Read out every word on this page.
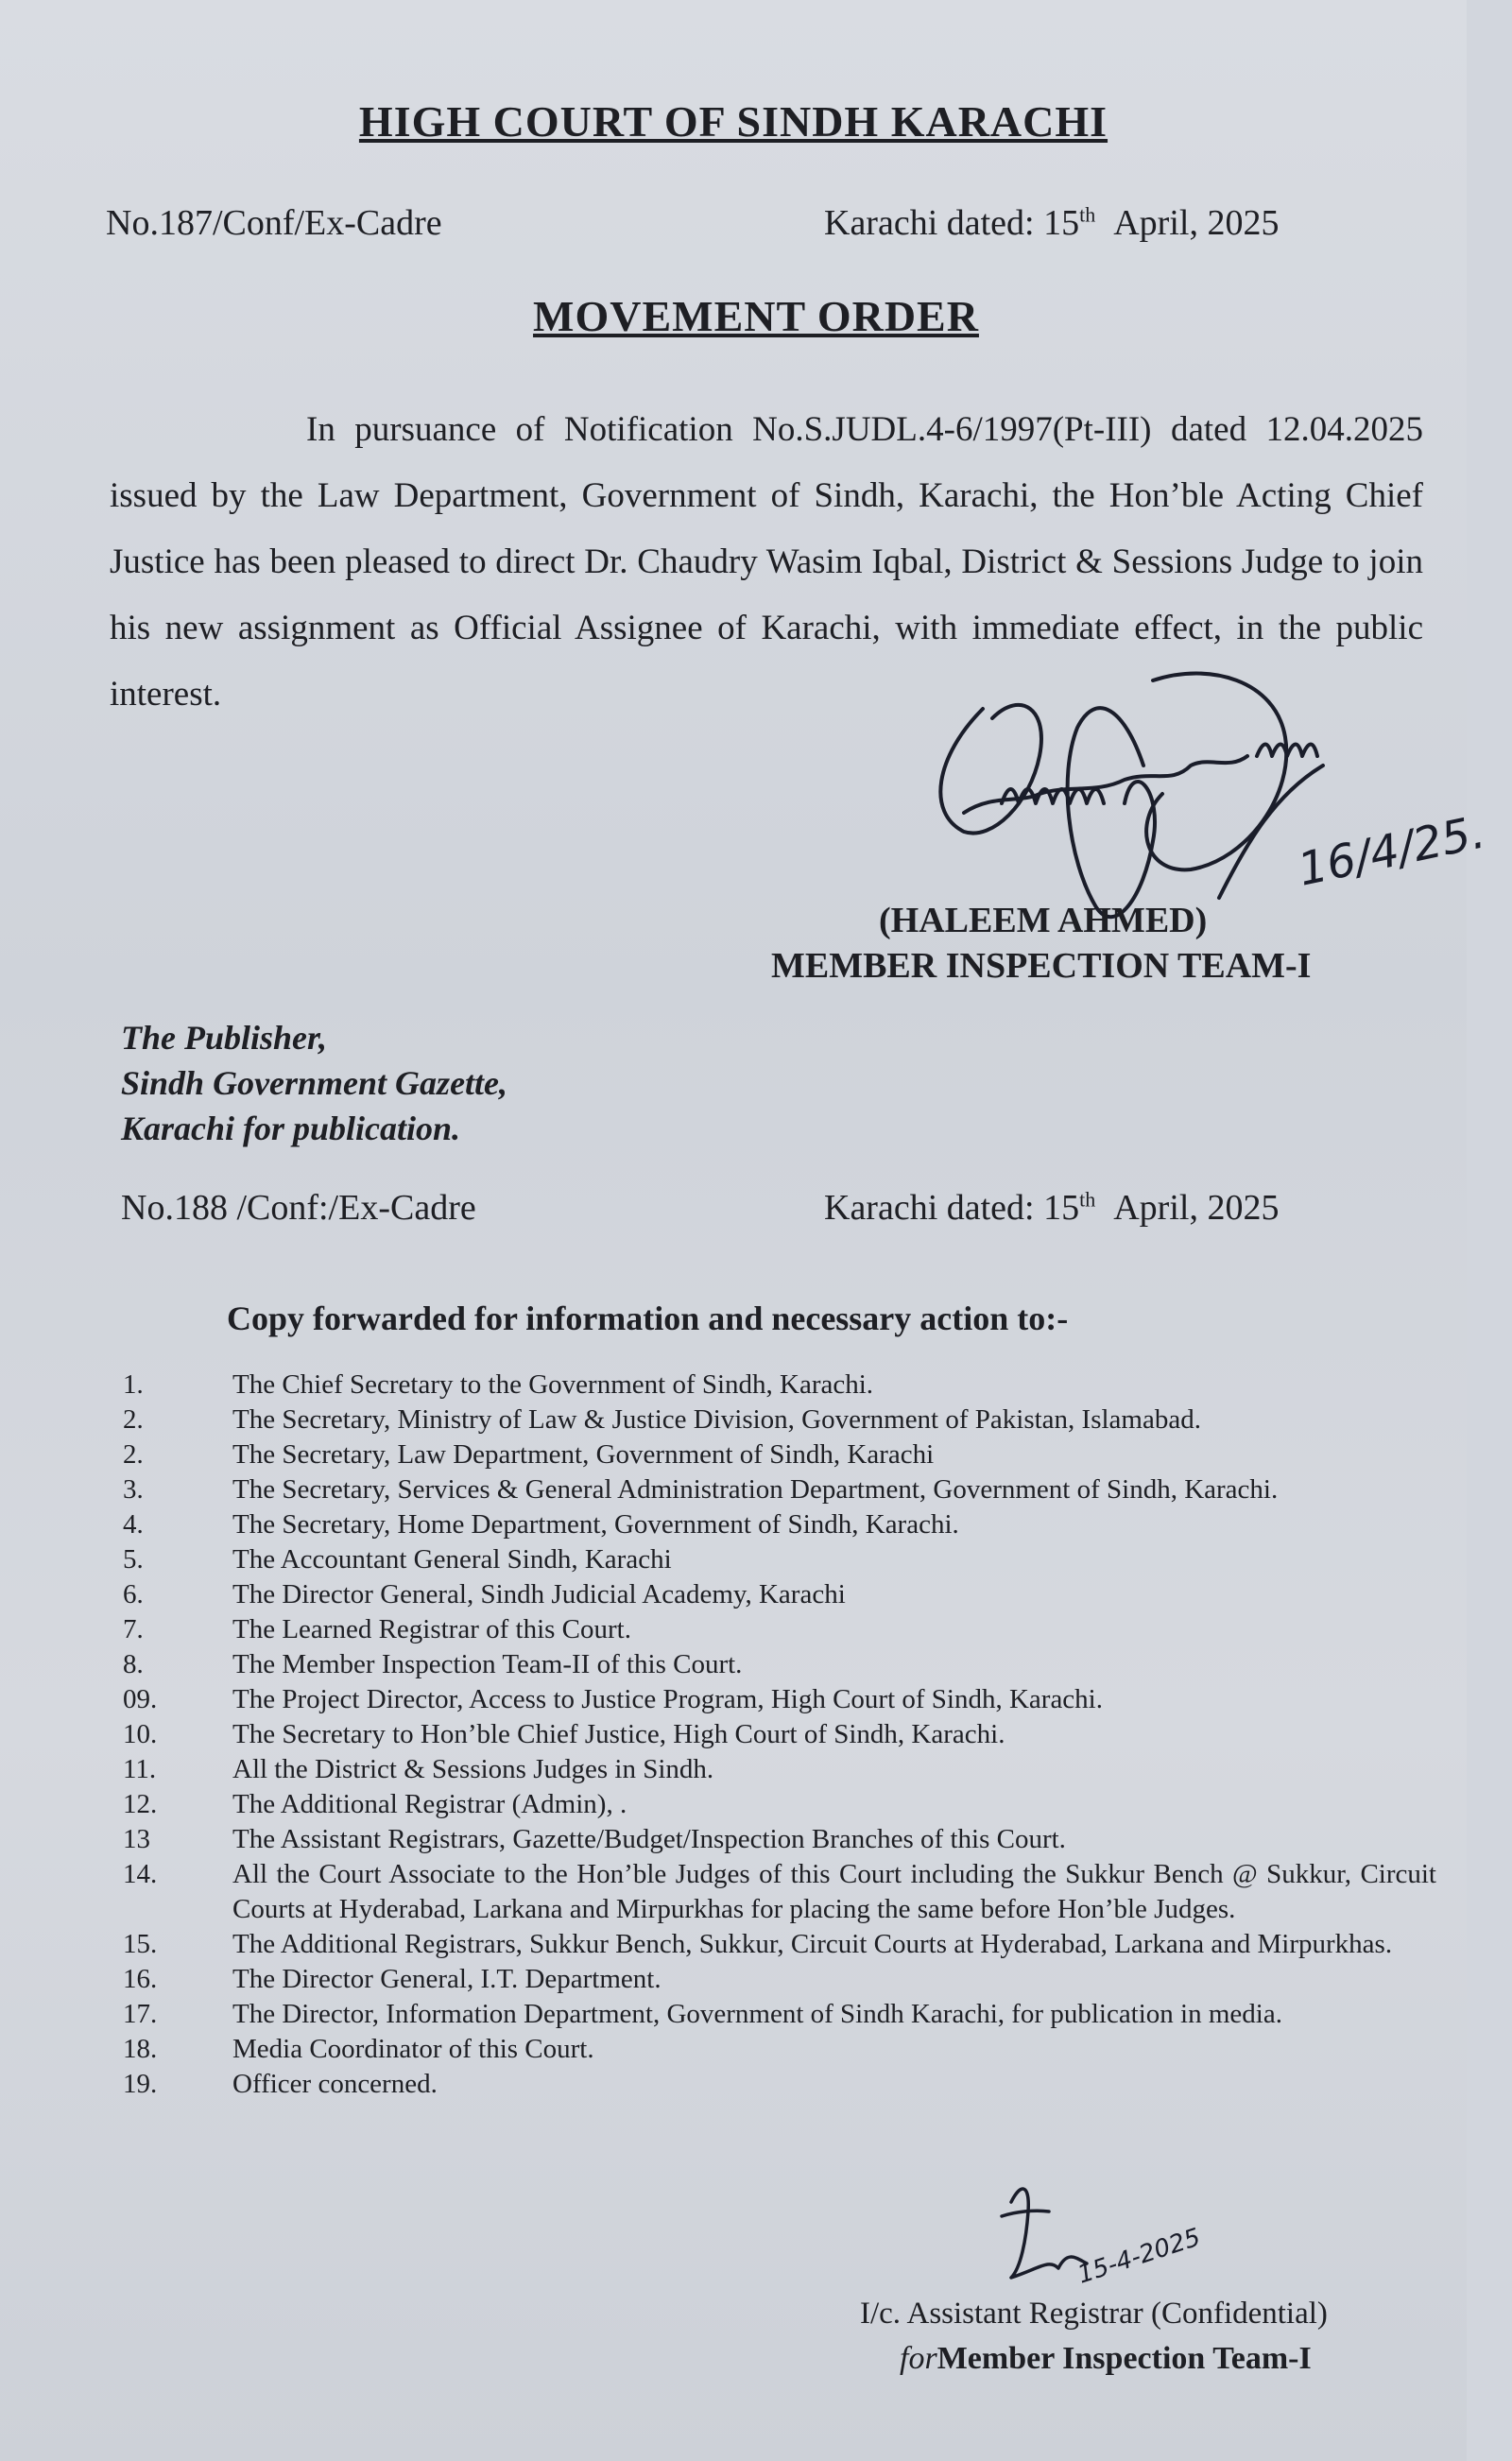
HIGH COURT OF SINDH KARACHI
No.187/Conf/Ex-Cadre	Karachi dated: 15th April, 2025
MOVEMENT ORDER
In pursuance of Notification No.S.JUDL.4-6/1997(Pt-III) dated 12.04.2025 issued by the Law Department, Government of Sindh, Karachi, the Hon’ble Acting Chief Justice has been pleased to direct Dr. Chaudry Wasim Iqbal, District & Sessions Judge to join his new assignment as Official Assignee of Karachi, with immediate effect, in the public interest.
16/4/25.
(HALEEM AHMED)
MEMBER INSPECTION TEAM-I
The Publisher,
Sindh Government Gazette,
Karachi for publication.
No.188 /Conf:/Ex-Cadre	Karachi dated: 15th April, 2025
Copy forwarded for information and necessary action to:-
1.	The Chief Secretary to the Government of Sindh, Karachi.
2.	The Secretary, Ministry of Law & Justice Division, Government of Pakistan, Islamabad.
2.	The Secretary, Law Department, Government of Sindh, Karachi
3.	The Secretary, Services & General Administration Department, Government of Sindh, Karachi.
4.	The Secretary, Home Department, Government of Sindh, Karachi.
5.	The Accountant General Sindh, Karachi
6.	The Director General, Sindh Judicial Academy, Karachi
7.	The Learned Registrar of this Court.
8.	The Member Inspection Team-II of this Court.
09.	The Project Director, Access to Justice Program, High Court of Sindh, Karachi.
10.	The Secretary to Hon’ble Chief Justice, High Court of Sindh, Karachi.
11.	All the District & Sessions Judges in Sindh.
12.	The Additional Registrar (Admin), .
13	The Assistant Registrars, Gazette/Budget/Inspection Branches of this Court.
14.	All the Court Associate to the Hon’ble Judges of this Court including the Sukkur Bench @ Sukkur, Circuit Courts at Hyderabad, Larkana and Mirpurkhas for placing the same before Hon’ble Judges.
15.	The Additional Registrars, Sukkur Bench, Sukkur, Circuit Courts at Hyderabad, Larkana and Mirpurkhas.
16.	The Director General, I.T. Department.
17.	The Director, Information Department, Government of Sindh Karachi, for publication in media.
18.	Media Coordinator of this Court.
19.	Officer concerned.
15-4-2025
I/c. Assistant Registrar (Confidential)
forMember Inspection Team-I
